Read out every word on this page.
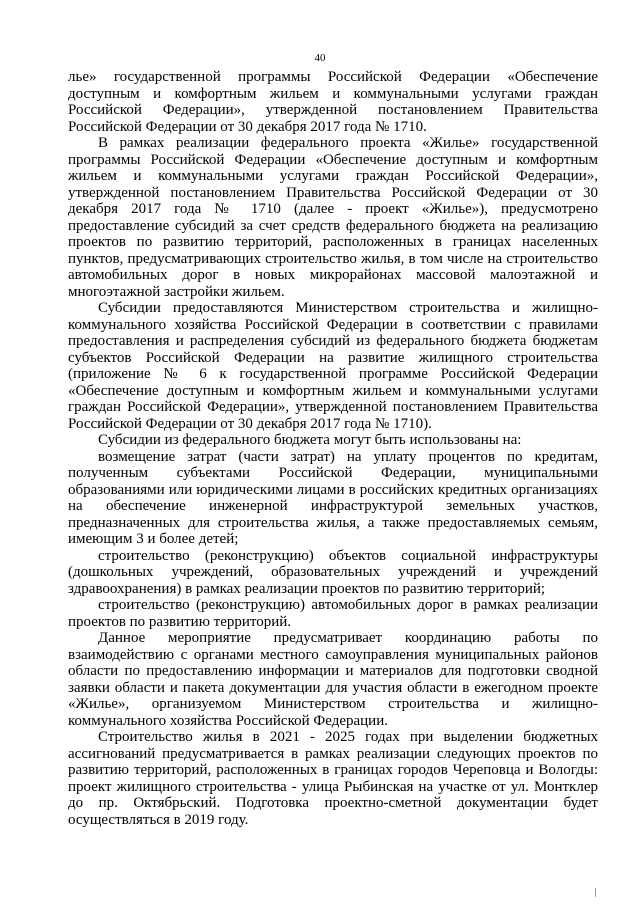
40

лье» государственной программы Российской Федерации «Обеспечение доступным и комфортным жильем и коммунальными услугами граждан Российской Федерации», утвержденной постановлением Правительства Российской Федерации от 30 декабря 2017 года № 1710.

В рамках реализации федерального проекта «Жилье» государственной программы Российской Федерации «Обеспечение доступным и комфортным жильем и коммунальными услугами граждан Российской Федерации», утвержденной постановлением Правительства Российской Федерации от 30 декабря 2017 года № 1710 (далее - проект «Жилье»), предусмотрено предоставление субсидий за счет средств федерального бюджета на реализацию проектов по развитию территорий, расположенных в границах населенных пунктов, предусматривающих строительство жилья, в том числе на строительство автомобильных дорог в новых микрорайонах массовой малоэтажной и многоэтажной застройки жильем.

Субсидии предоставляются Министерством строительства и жилищно-коммунального хозяйства Российской Федерации в соответствии с правилами предоставления и распределения субсидий из федерального бюджета бюджетам субъектов Российской Федерации на развитие жилищного строительства (приложение № 6 к государственной программе Российской Федерации «Обеспечение доступным и комфортным жильем и коммунальными услугами граждан Российской Федерации», утвержденной постановлением Правительства Российской Федерации от 30 декабря 2017 года № 1710).

Субсидии из федерального бюджета могут быть использованы на:

возмещение затрат (части затрат) на уплату процентов по кредитам, полученным субъектами Российской Федерации, муниципальными образованиями или юридическими лицами в российских кредитных организациях на обеспечение инженерной инфраструктурой земельных участков, предназначенных для строительства жилья, а также предоставляемых семьям, имеющим 3 и более детей;

строительство (реконструкцию) объектов социальной инфраструктуры (дошкольных учреждений, образовательных учреждений и учреждений здравоохранения) в рамках реализации проектов по развитию территорий;

строительство (реконструкцию) автомобильных дорог в рамках реализации проектов по развитию территорий.

Данное мероприятие предусматривает координацию работы по взаимодействию с органами местного самоуправления муниципальных районов области по предоставлению информации и материалов для подготовки сводной заявки области и пакета документации для участия области в ежегодном проекте «Жилье», организуемом Министерством строительства и жилищно-коммунального хозяйства Российской Федерации.

Строительство жилья в 2021 - 2025 годах при выделении бюджетных ассигнований предусматривается в рамках реализации следующих проектов по развитию территорий, расположенных в границах городов Череповца и Вологды: проект жилищного строительства - улица Рыбинская на участке от ул. Монтклер до пр. Октябрьский. Подготовка проектно-сметной документации будет осуществляться в 2019 году.
